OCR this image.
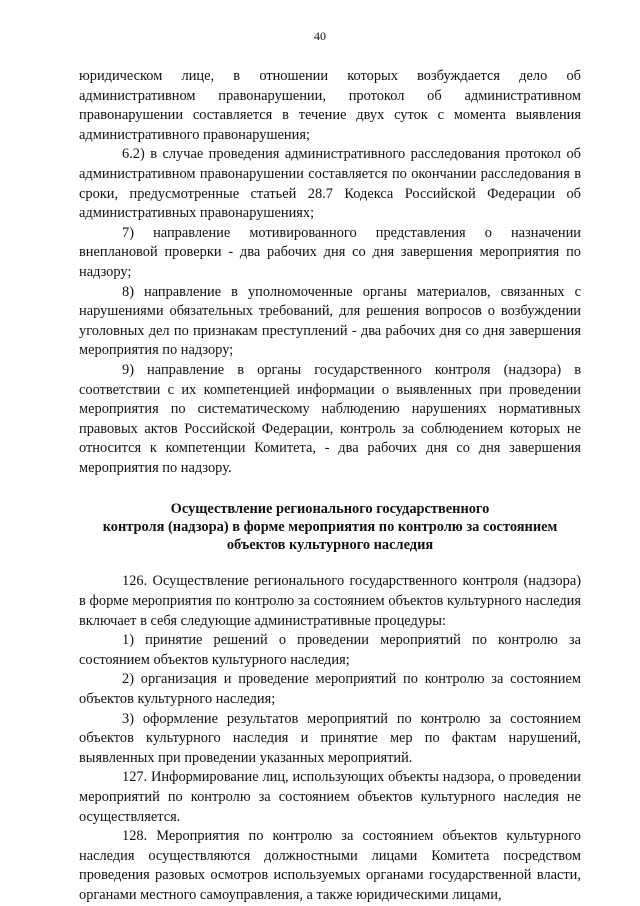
40

юридическом лице, в отношении которых возбуждается дело об административном правонарушении, протокол об административном правонарушении составляется в течение двух суток с момента выявления административного правонарушения;

6.2) в случае проведения административного расследования протокол об административном правонарушении составляется по окончании расследования в сроки, предусмотренные статьей 28.7 Кодекса Российской Федерации об административных правонарушениях;

7) направление мотивированного представления о назначении внеплановой проверки - два рабочих дня со дня завершения мероприятия по надзору;

8) направление в уполномоченные органы материалов, связанных с нарушениями обязательных требований, для решения вопросов о возбуждении уголовных дел по признакам преступлений - два рабочих дня со дня завершения мероприятия по надзору;

9) направление в органы государственного контроля (надзора) в соответствии с их компетенцией информации о выявленных при проведении мероприятия по систематическому наблюдению нарушениях нормативных правовых актов Российской Федерации, контроль за соблюдением которых не относится к компетенции Комитета, - два рабочих дня со дня завершения мероприятия по надзору.

Осуществление регионального государственного
контроля (надзора) в форме мероприятия по контролю за состоянием
объектов культурного наследия

126. Осуществление регионального государственного контроля (надзора) в форме мероприятия по контролю за состоянием объектов культурного наследия включает в себя следующие административные процедуры:

1) принятие решений о проведении мероприятий по контролю за состоянием объектов культурного наследия;

2) организация и проведение мероприятий по контролю за состоянием объектов культурного наследия;

3) оформление результатов мероприятий по контролю за состоянием объектов культурного наследия и принятие мер по фактам нарушений, выявленных при проведении указанных мероприятий.

127. Информирование лиц, использующих объекты надзора, о проведении мероприятий по контролю за состоянием объектов культурного наследия не осуществляется.

128. Мероприятия по контролю за состоянием объектов культурного наследия осуществляются должностными лицами Комитета посредством проведения разовых осмотров используемых органами государственной власти, органами местного самоуправления, а также юридическими лицами,
